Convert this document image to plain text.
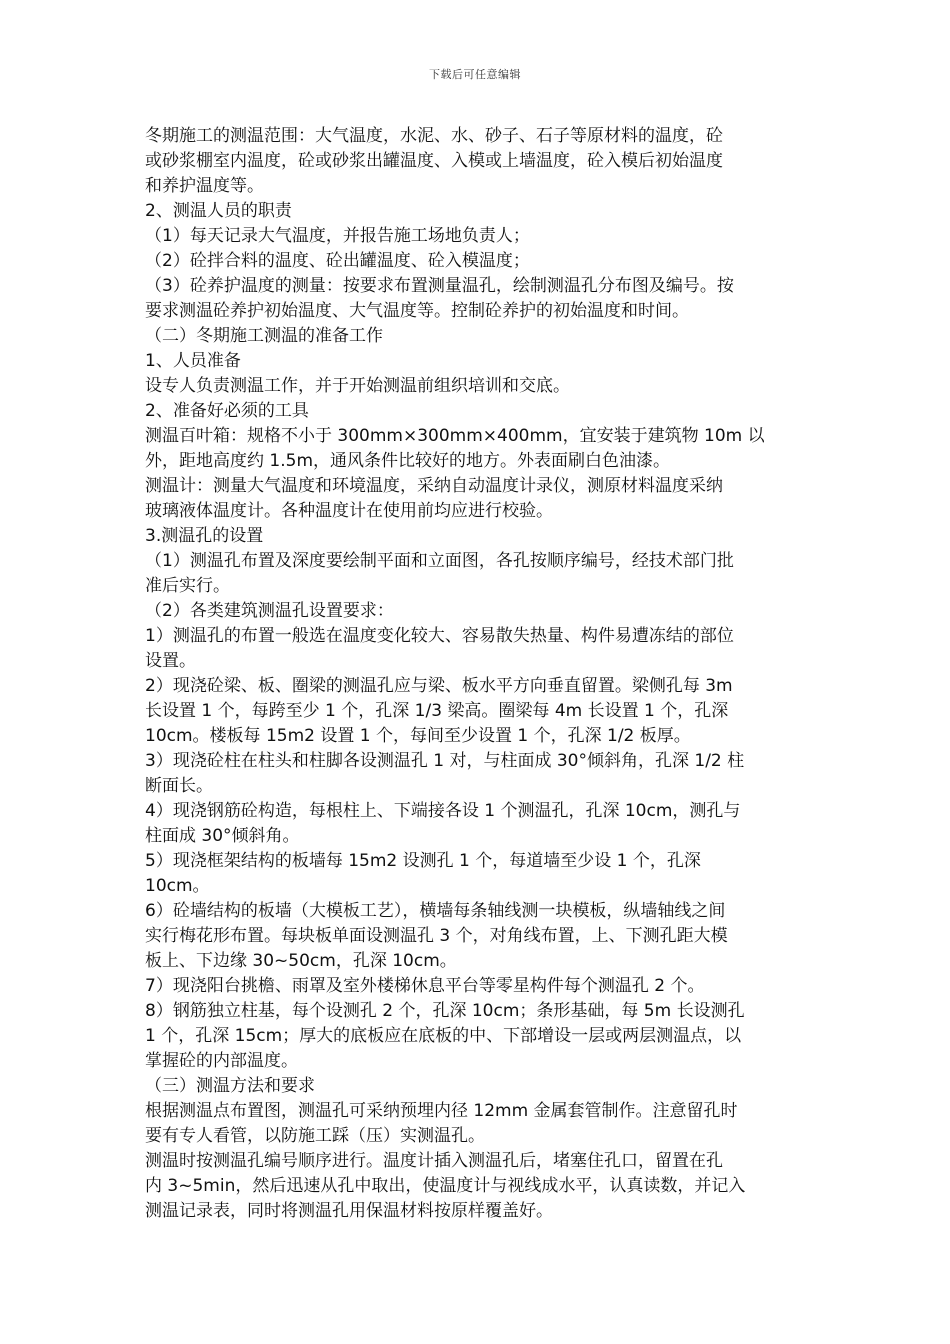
下载后可任意编辑
冬期施工的测温范围：大气温度，水泥、水、砂子、石子等原材料的温度，砼
或砂浆棚室内温度，砼或砂浆出罐温度、入模或上墙温度，砼入模后初始温度
和养护温度等。
2、测温人员的职责
（1）每天记录大气温度，并报告施工场地负责人；
（2）砼拌合料的温度、砼出罐温度、砼入模温度；
（3）砼养护温度的测量：按要求布置测量温孔，绘制测温孔分布图及编号。按
要求测温砼养护初始温度、大气温度等。控制砼养护的初始温度和时间。
（二）冬期施工测温的准备工作
1、人员准备
设专人负责测温工作，并于开始测温前组织培训和交底。
2、准备好必须的工具
测温百叶箱：规格不小于 300mm×300mm×400mm，宜安装于建筑物 10m 以
外，距地高度约 1.5m，通风条件比较好的地方。外表面刷白色油漆。
测温计：测量大气温度和环境温度，采纳自动温度计录仪，测原材料温度采纳
玻璃液体温度计。各种温度计在使用前均应进行校验。
3.测温孔的设置
（1）测温孔布置及深度要绘制平面和立面图，各孔按顺序编号，经技术部门批
准后实行。
（2）各类建筑测温孔设置要求：
1）测温孔的布置一般选在温度变化较大、容易散失热量、构件易遭冻结的部位
设置。
2）现浇砼梁、板、圈梁的测温孔应与梁、板水平方向垂直留置。梁侧孔每 3m
长设置 1 个，每跨至少 1 个，孔深 1/3 梁高。圈梁每 4m 长设置 1 个，孔深
10cm。楼板每 15m2 设置 1 个，每间至少设置 1 个，孔深 1/2 板厚。
3）现浇砼柱在柱头和柱脚各设测温孔 1 对，与柱面成 30°倾斜角，孔深 1/2 柱
断面长。
4）现浇钢筋砼构造，每根柱上、下端接各设 1 个测温孔，孔深 10cm，测孔与
柱面成 30°倾斜角。
5）现浇框架结构的板墙每 15m2 设测孔 1 个，每道墙至少设 1 个，孔深
10cm。
6）砼墙结构的板墙（大模板工艺），横墙每条轴线测一块模板，纵墙轴线之间
实行梅花形布置。每块板单面设测温孔 3 个，对角线布置，上、下测孔距大模
板上、下边缘 30~50cm，孔深 10cm。
7）现浇阳台挑檐、雨罩及室外楼梯休息平台等零星构件每个测温孔 2 个。
8）钢筋独立柱基，每个设测孔 2 个，孔深 10cm；条形基础，每 5m 长设测孔
1 个，孔深 15cm；厚大的底板应在底板的中、下部增设一层或两层测温点，以
掌握砼的内部温度。
（三）测温方法和要求
根据测温点布置图，测温孔可采纳预埋内径 12mm 金属套管制作。注意留孔时
要有专人看管，以防施工踩（压）实测温孔。
测温时按测温孔编号顺序进行。温度计插入测温孔后，堵塞住孔口，留置在孔
内 3~5min，然后迅速从孔中取出，使温度计与视线成水平，认真读数，并记入
测温记录表，同时将测温孔用保温材料按原样覆盖好。
